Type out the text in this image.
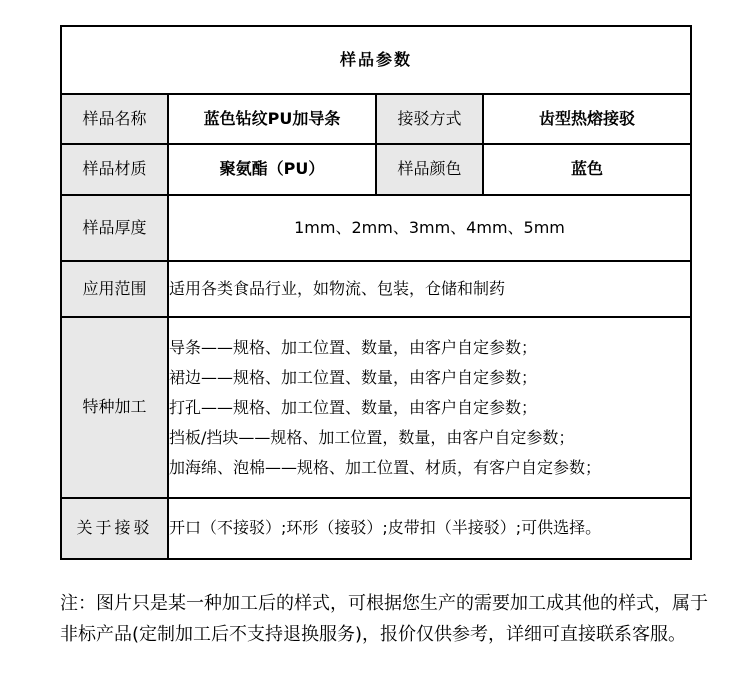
样品参数			
样品名称	蓝色钻纹PU加导条	接驳方式	齿型热熔接驳
样品材质	聚氨酯（PU）	样品颜色	蓝色
样品厚度	1mm、2mm、3mm、4mm、5mm		
应用范围	适用各类食品行业，如物流、包装，仓储和制药		
特种加工	导条——规格、加工位置、数量，由客户自定参数；
裙边——规格、加工位置、数量，由客户自定参数；
打孔——规格、加工位置、数量，由客户自定参数；
挡板/挡块——规格、加工位置，数量，由客户自定参数；
加海绵、泡棉——规格、加工位置、材质，有客户自定参数；		

关于接驳	开口（不接驳）;环形（接驳）;皮带扣（半接驳）;可供选择。		
注：图片只是某一种加工后的样式，可根据您生产的需要加工成其他的样式，属于非标产品(定制加工后不支持退换服务)，报价仅供参考，详细可直接联系客服。
